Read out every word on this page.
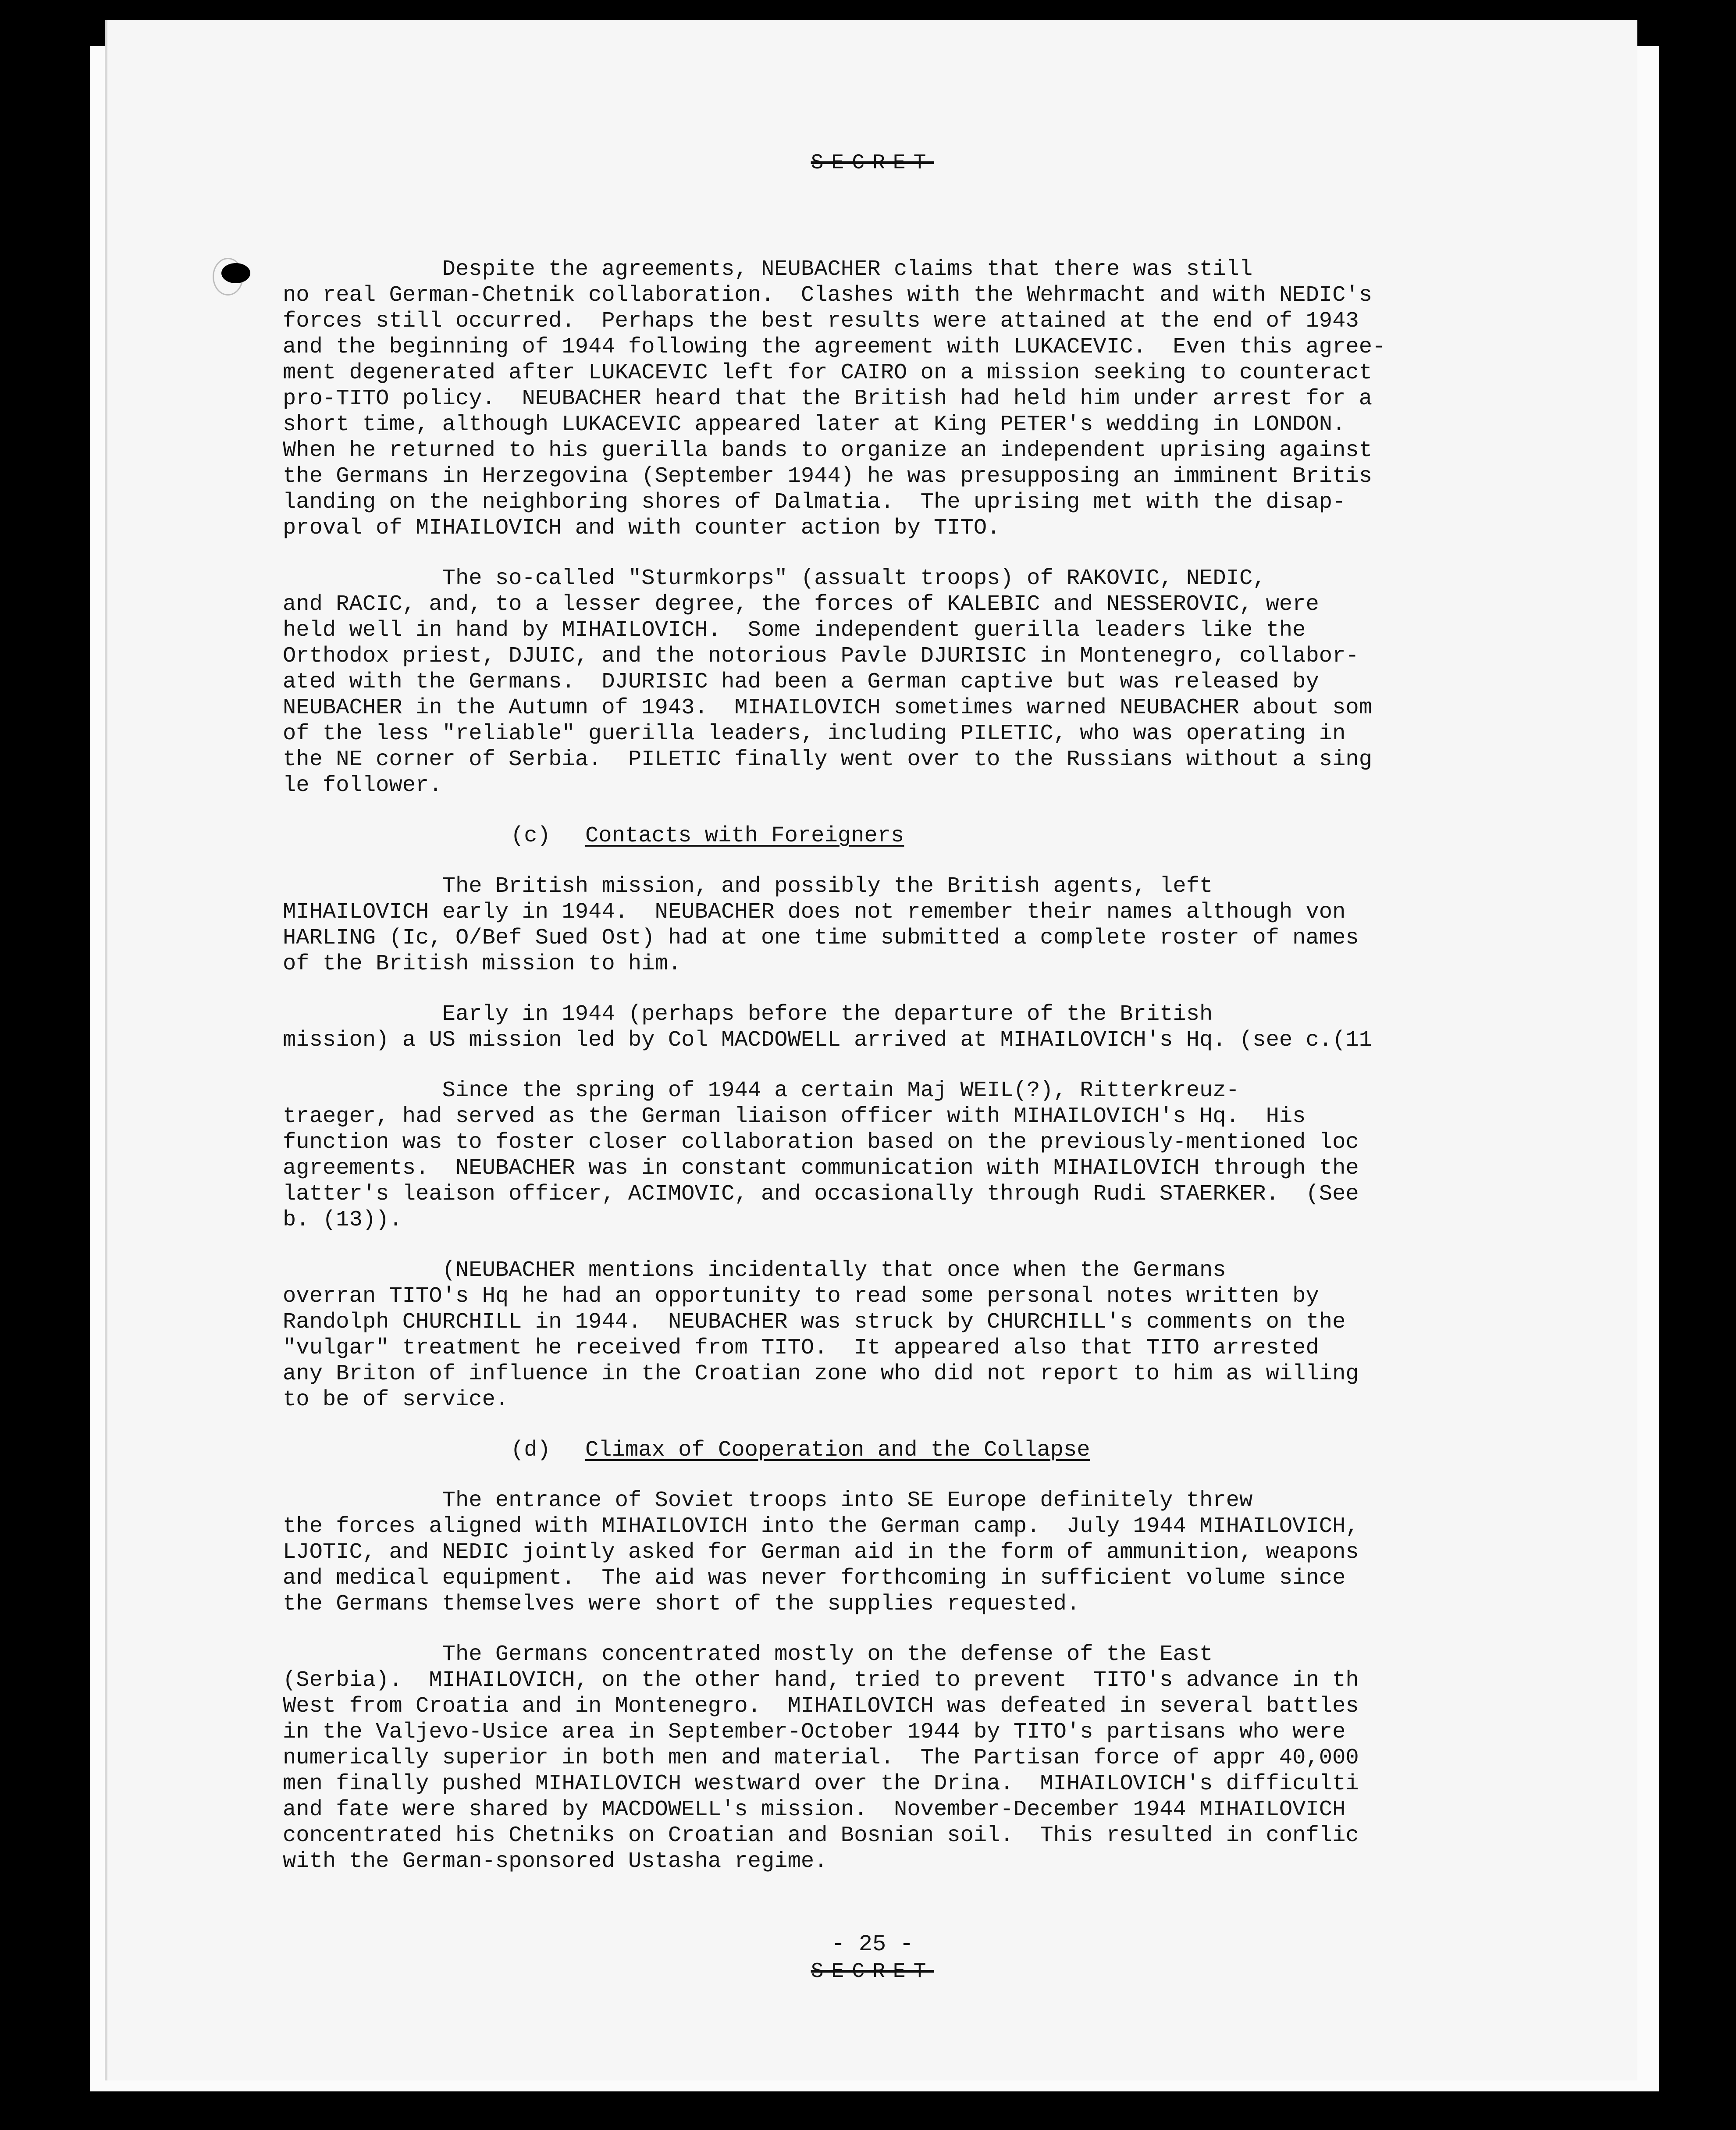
SECRET
Despite the agreements, NEUBACHER claims that there was still
no real German-Chetnik collaboration.  Clashes with the Wehrmacht and with NEDIC's
forces still occurred.  Perhaps the best results were attained at the end of 1943
and the beginning of 1944 following the agreement with LUKACEVIC.  Even this agree-
ment degenerated after LUKACEVIC left for CAIRO on a mission seeking to counteract
pro-TITO policy.  NEUBACHER heard that the British had held him under arrest for a
short time, although LUKACEVIC appeared later at King PETER's wedding in LONDON.
When he returned to his guerilla bands to organize an independent uprising against
the Germans in Herzegovina (September 1944) he was presupposing an imminent Britis
landing on the neighboring shores of Dalmatia.  The uprising met with the disap-
proval of MIHAILOVICH and with counter action by TITO.
The so-called "Sturmkorps" (assualt troops) of RAKOVIC, NEDIC,
and RACIC, and, to a lesser degree, the forces of KALEBIC and NESSEROVIC, were
held well in hand by MIHAILOVICH.  Some independent guerilla leaders like the
Orthodox priest, DJUIC, and the notorious Pavle DJURISIC in Montenegro, collabor-
ated with the Germans.  DJURISIC had been a German captive but was released by
NEUBACHER in the Autumn of 1943.  MIHAILOVICH sometimes warned NEUBACHER about som
of the less "reliable" guerilla leaders, including PILETIC, who was operating in
the NE corner of Serbia.  PILETIC finally went over to the Russians without a sing
le follower.
(c) Contacts with Foreigners
The British mission, and possibly the British agents, left
MIHAILOVICH early in 1944.  NEUBACHER does not remember their names although von
HARLING (Ic, O/Bef Sued Ost) had at one time submitted a complete roster of names
of the British mission to him.
Early in 1944 (perhaps before the departure of the British
mission) a US mission led by Col MACDOWELL arrived at MIHAILOVICH's Hq. (see c.(11
Since the spring of 1944 a certain Maj WEIL(?), Ritterkreuz-
traeger, had served as the German liaison officer with MIHAILOVICH's Hq.  His
function was to foster closer collaboration based on the previously-mentioned loc
agreements.  NEUBACHER was in constant communication with MIHAILOVICH through the
latter's leaison officer, ACIMOVIC, and occasionally through Rudi STAERKER.  (See
b. (13)).
(NEUBACHER mentions incidentally that once when the Germans
overran TITO's Hq he had an opportunity to read some personal notes written by
Randolph CHURCHILL in 1944.  NEUBACHER was struck by CHURCHILL's comments on the
"vulgar" treatment he received from TITO.  It appeared also that TITO arrested
any Briton of influence in the Croatian zone who did not report to him as willing
to be of service.
(d) Climax of Cooperation and the Collapse
The entrance of Soviet troops into SE Europe definitely threw
the forces aligned with MIHAILOVICH into the German camp.  July 1944 MIHAILOVICH,
LJOTIC, and NEDIC jointly asked for German aid in the form of ammunition, weapons
and medical equipment.  The aid was never forthcoming in sufficient volume since
the Germans themselves were short of the supplies requested.
The Germans concentrated mostly on the defense of the East
(Serbia).  MIHAILOVICH, on the other hand, tried to prevent  TITO's advance in th
West from Croatia and in Montenegro.  MIHAILOVICH was defeated in several battles
in the Valjevo-Usice area in September-October 1944 by TITO's partisans who were
numerically superior in both men and material.  The Partisan force of appr 40,000
men finally pushed MIHAILOVICH westward over the Drina.  MIHAILOVICH's difficulti
and fate were shared by MACDOWELL's mission.  November-December 1944 MIHAILOVICH
concentrated his Chetniks on Croatian and Bosnian soil.  This resulted in conflic
with the German-sponsored Ustasha regime.
- 25 -
SECRET
